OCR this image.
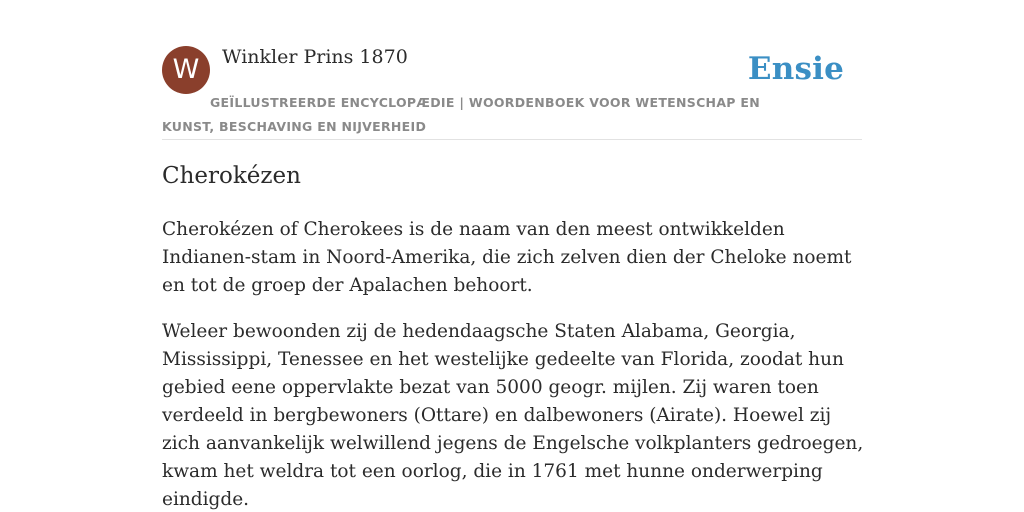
W	Winkler Prins 1870	Ensie
GEÏLLUSTREERDE ENCYCLOPÆDIE | WOORDENBOEK VOOR WETENSCHAP EN KUNST, BESCHAVING EN NIJVERHEID
Cherokézen

Cherokézen of Cherokees is de naam van den meest ontwikkelden Indianen-stam in Noord-Amerika, die zich zelven dien der Cheloke noemt en tot de groep der Apalachen behoort.

Weleer bewoonden zij de hedendaagsche Staten Alabama, Georgia, Mississippi, Tenessee en het westelijke gedeelte van Florida, zoodat hun gebied eene oppervlakte bezat van 5000 geogr. mijlen. Zij waren toen verdeeld in bergbewoners (Ottare) en dalbewoners (Airate). Hoewel zij zich aanvankelijk welwillend jegens de Engelsche volkplanters gedroegen, kwam het weldra tot een oorlog, die in 1761 met hunne onderwerping eindigde.
